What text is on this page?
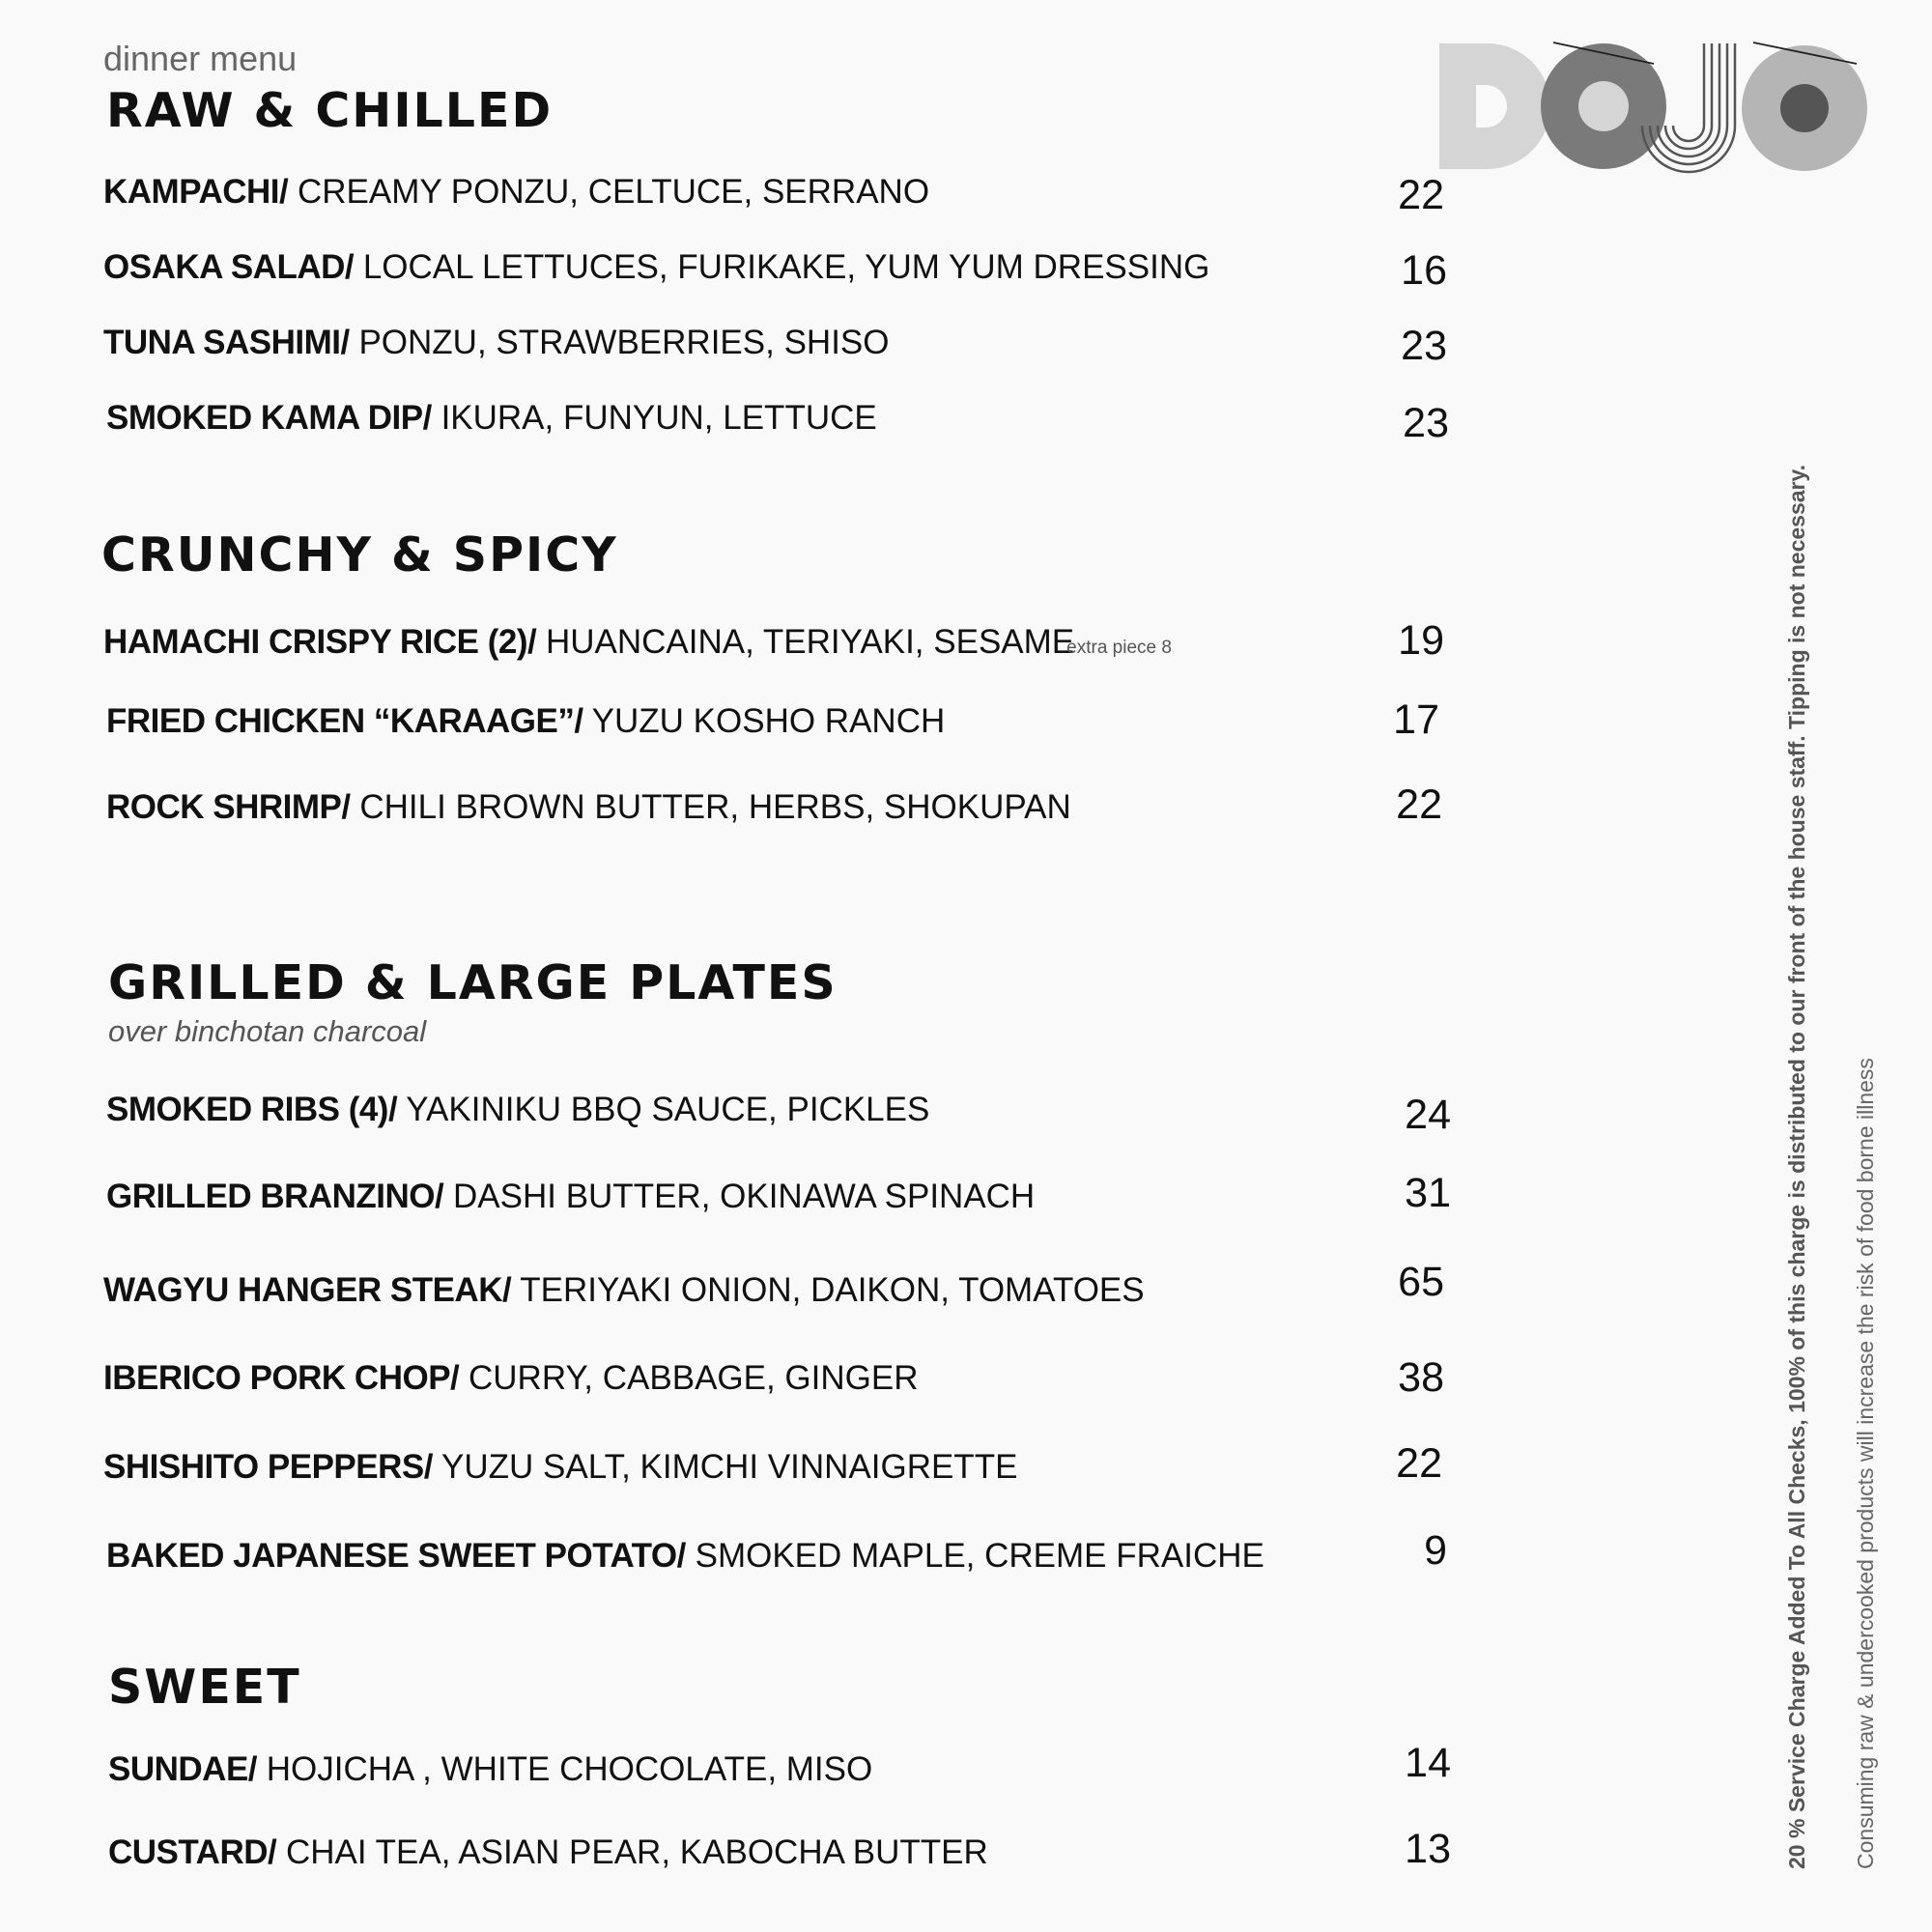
dinner menu
RAW & CHILLED
CRUNCHY & SPICY
GRILLED & LARGE PLATES
over binchotan charcoal
SWEET
KAMPACHI/ CREAMY PONZU, CELTUCE, SERRANO	22
OSAKA SALAD/ LOCAL LETTUCES, FURIKAKE, YUM YUM DRESSING	16
TUNA SASHIMI/ PONZU, STRAWBERRIES, SHISO	23
SMOKED KAMA DIP/ IKURA, FUNYUN, LETTUCE	23
HAMACHI CRISPY RICE (2)/ HUANCAINA, TERIYAKI, SESAMEextra piece 8	19
FRIED CHICKEN “KARAAGE”/ YUZU KOSHO RANCH	17
ROCK SHRIMP/ CHILI BROWN BUTTER, HERBS, SHOKUPAN	22
SMOKED RIBS (4)/ YAKINIKU BBQ SAUCE, PICKLES	24
GRILLED BRANZINO/ DASHI BUTTER, OKINAWA SPINACH	31
WAGYU HANGER STEAK/ TERIYAKI ONION, DAIKON, TOMATOES	65
IBERICO PORK CHOP/ CURRY, CABBAGE, GINGER	38
SHISHITO PEPPERS/ YUZU SALT, KIMCHI VINNAIGRETTE	22
BAKED JAPANESE SWEET POTATO/ SMOKED MAPLE, CREME FRAICHE	9
SUNDAE/ HOJICHA , WHITE CHOCOLATE, MISO	14
CUSTARD/ CHAI TEA, ASIAN PEAR, KABOCHA BUTTER	13	20 % Service Charge Added To All Checks, 100% of this charge is distributed to our front of the house staff. Tipping is not necessary. Consuming raw & undercooked products will increase the risk of food borne illness
